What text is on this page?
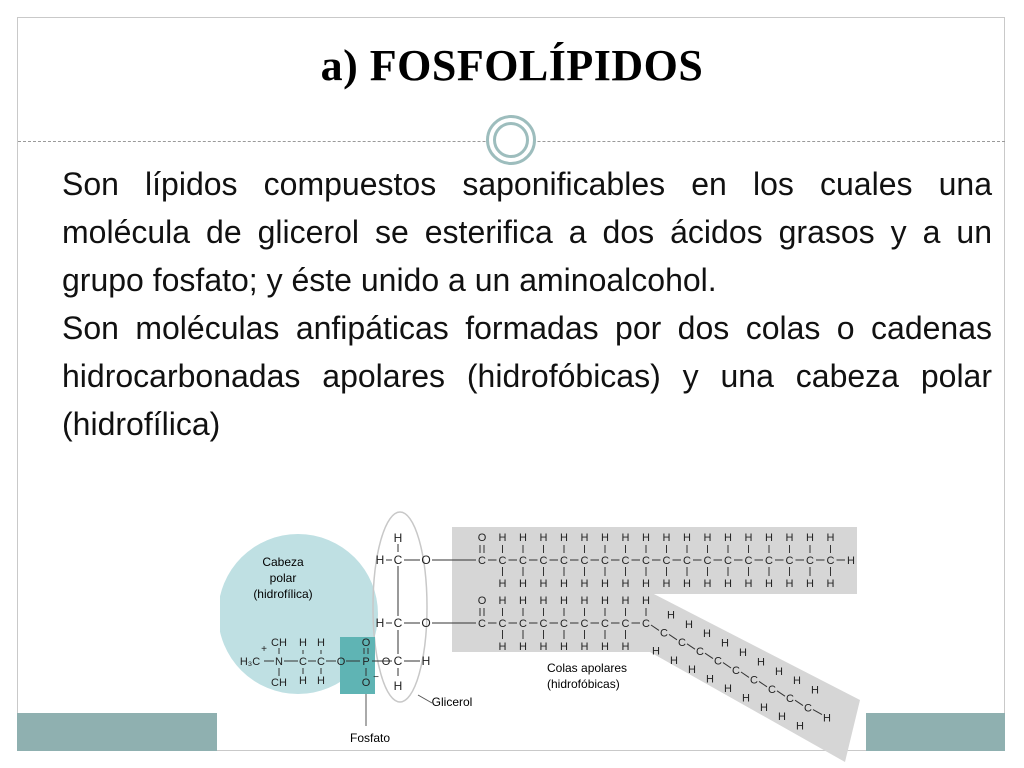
a) FOSFOLÍPIDOS

Son lípidos compuestos saponificables en los cuales una molécula de glicerol se esterifica a dos ácidos grasos y a un grupo fosfato; y éste unido a un aminoalcohol.

Son moléculas anfipáticas formadas por dos colas o cadenas hidrocarbonadas apolares (hidrofóbicas) y una cabeza polar (hidrofílica)

Cabeza
polar
(hidrofílica)
Glicerol
Fosfato
Colas apolares
(hidrofóbicas)
H
H C O
H C O
C H
H
H₃C N
CH
CH
+
H
C
H
H
C
H
O
O
P
O −
O
C
O
C
H
H
C
H
H
C
H
H
C
H
H
C
H
H
C
H
H
C
H
H
C
H
H
C
H
H
C
H
H
C
H
H
C
H
H
C
H
H
C
H
H
C
H
H
C
H
H
C
H
H
H
C
O
C
H
H
C
H
H
C
H
H
C
H
H
C
H
H
C
H
H
C
H
H
C
H
C
H
H
C
H
H
C
H
H
C
H
H
C
H
H
C
H
H
C
H
H
C
H
H
C
H
H
H
